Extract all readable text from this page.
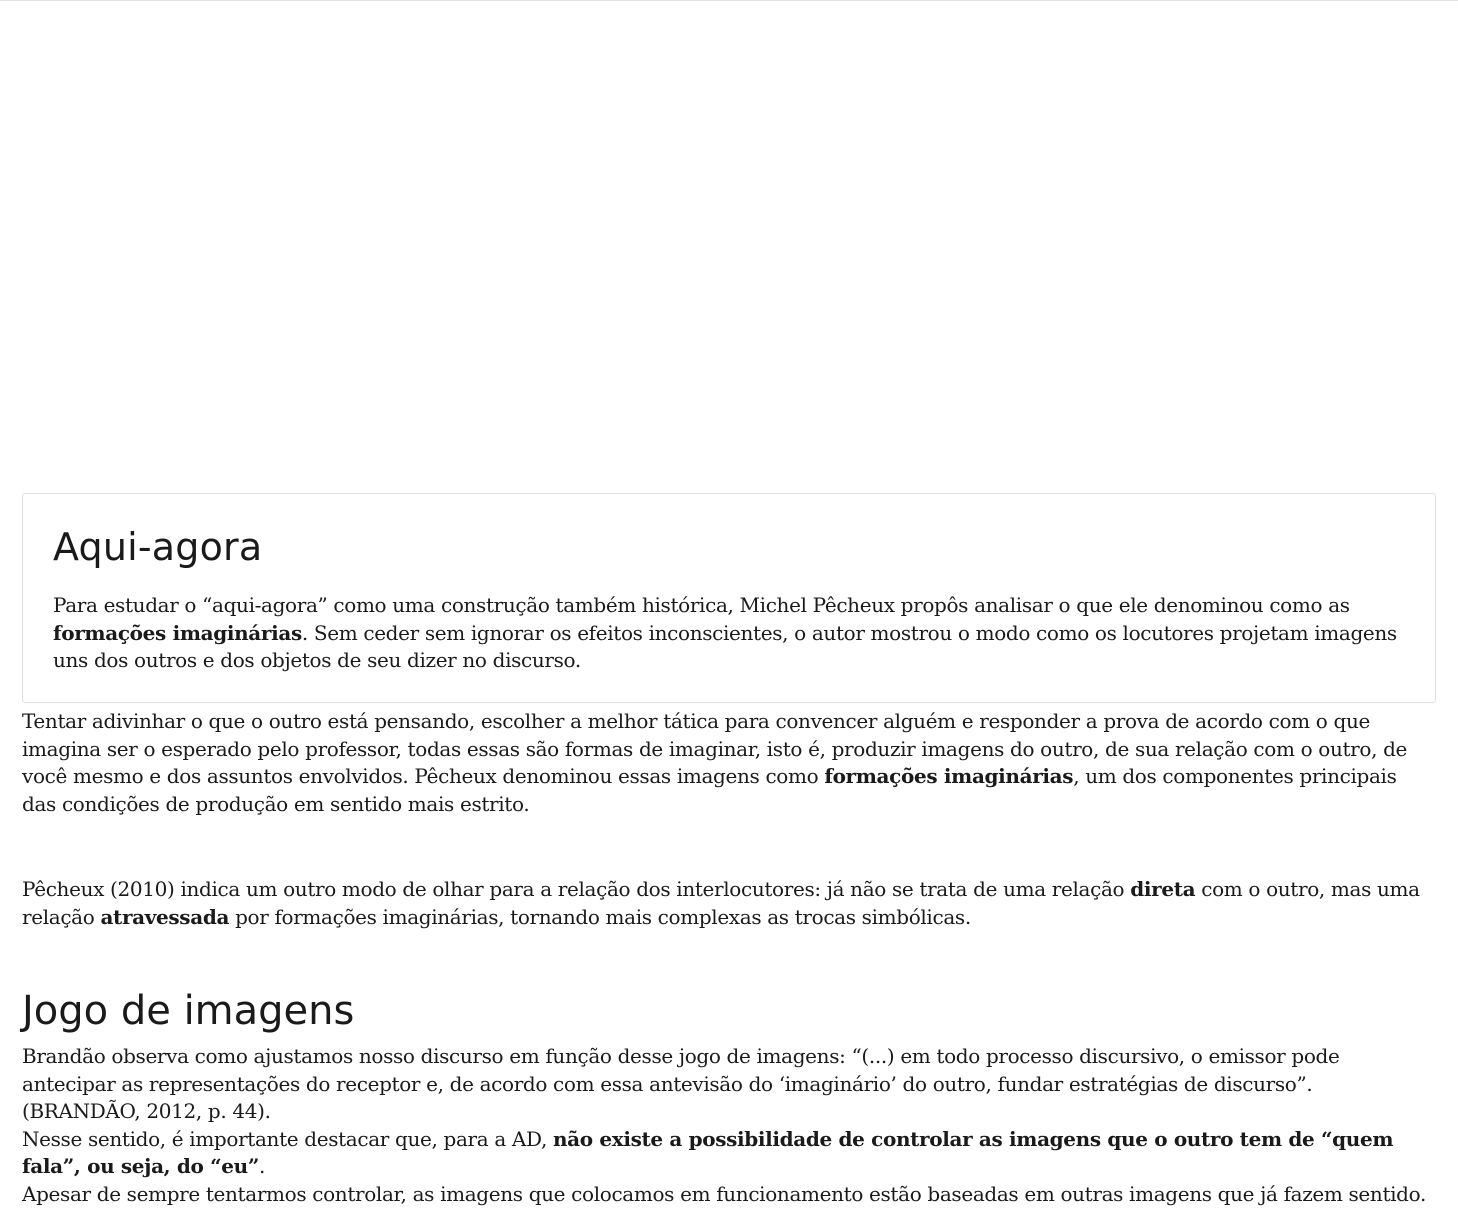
Aqui-agora

Para estudar o “aqui-agora” como uma construção também histórica, Michel Pêcheux propôs analisar o que ele denominou como as formações imaginárias. Sem ceder sem ignorar os efeitos inconscientes, o autor mostrou o modo como os locutores projetam imagens uns dos outros e dos objetos de seu dizer no discurso.

Tentar adivinhar o que o outro está pensando, escolher a melhor tática para convencer alguém e responder a prova de acordo com o que imagina ser o esperado pelo professor, todas essas são formas de imaginar, isto é, produzir imagens do outro, de sua relação com o outro, de você mesmo e dos assuntos envolvidos. Pêcheux denominou essas imagens como formações imaginárias, um dos componentes principais das condições de produção em sentido mais estrito.

Pêcheux (2010) indica um outro modo de olhar para a relação dos interlocutores: já não se trata de uma relação direta com o outro, mas uma relação atravessada por formações imaginárias, tornando mais complexas as trocas simbólicas.

Jogo de imagens

Brandão observa como ajustamos nosso discurso em função desse jogo de imagens: “(...) em todo processo discursivo, o emissor pode antecipar as representações do receptor e, de acordo com essa antevisão do ‘imaginário’ do outro, fundar estratégias de discurso”. (BRANDÃO, 2012, p. 44).

Nesse sentido, é importante destacar que, para a AD, não existe a possibilidade de controlar as imagens que o outro tem de “quem fala”, ou seja, do “eu”.

Apesar de sempre tentarmos controlar, as imagens que colocamos em funcionamento estão baseadas em outras imagens que já fazem sentido.
